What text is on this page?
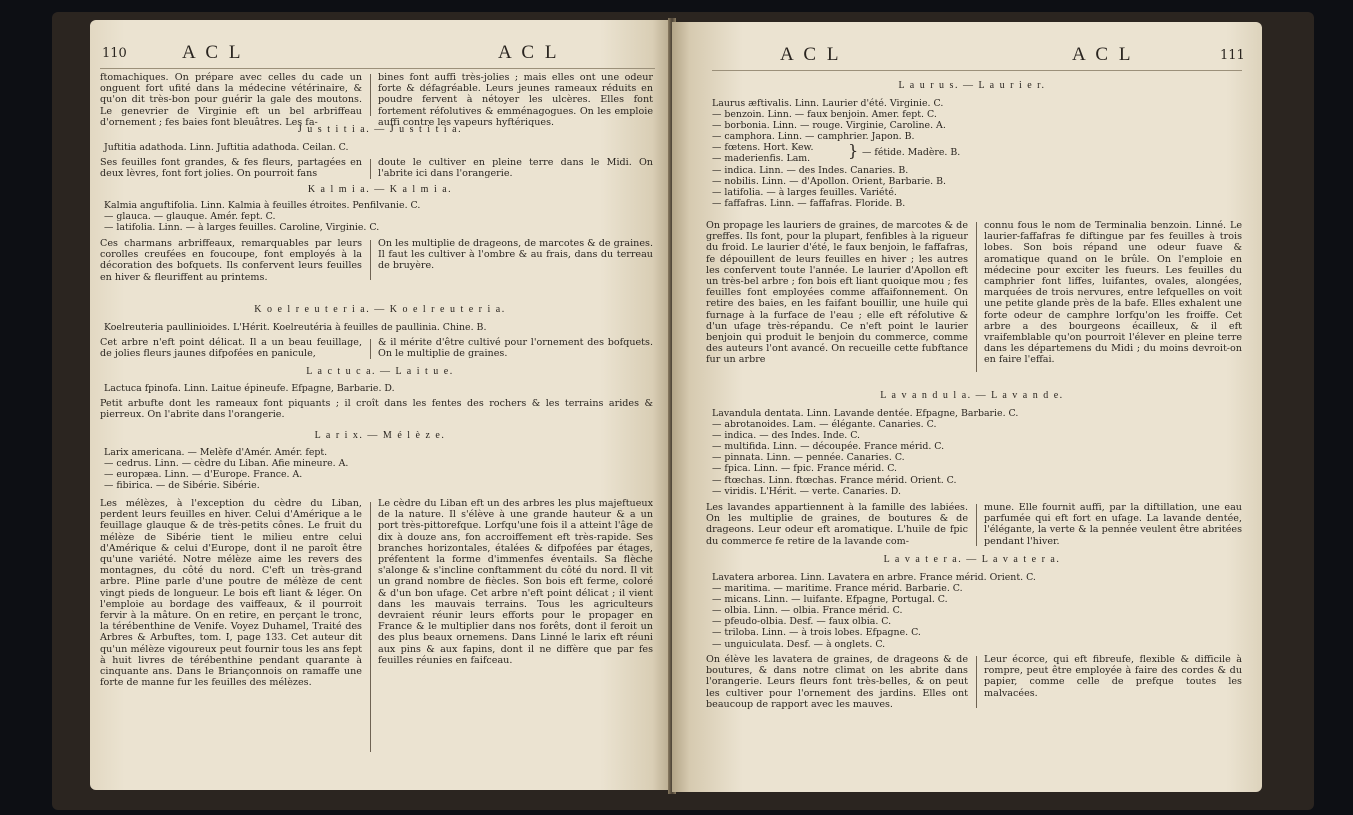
110	A C L	A C L
ftomachiques. On prépare avec celles du cade un onguent fort ufité dans la médecine vétérinaire, & qu'on dit très-bon pour guérir la gale des moutons. Le genevrier de Virginie eft un bel arbriffeau d'ornement ; fes baies font bleuâtres. Les fa-
bines font auffi très-jolies ; mais elles ont une odeur forte & défagréable. Leurs jeunes rameaux réduits en poudre fervent à nétoyer les ulcères. Elles font fortement réfolutives & emménagogues. On les emploie auffi contre les vapeurs hyftériques.
J u s t i t i a. — J u s t i t i a.
Juftitia adathoda. Linn. Juftitia adathoda. Ceilan. C.
Ses feuilles font grandes, & fes fleurs, partagées en deux lèvres, font fort jolies. On pourroit fans
doute le cultiver en pleine terre dans le Midi. On l'abrite ici dans l'orangerie.
K a l m i a. — K a l m i a.
Kalmia anguftifolia. Linn. Kalmia à feuilles étroites. Penfilvanie. C.
— glauca. — glauque. Amér. fept. C.
— latifolia. Linn. — à larges feuilles. Caroline, Virginie. C.
Ces charmans arbriffeaux, remarquables par leurs corolles creufées en foucoupe, font employés à la décoration des bofquets. Ils confervent leurs feuilles en hiver & fleuriffent au printems.
On les multiplie de drageons, de marcotes & de graines. Il faut les cultiver à l'ombre & au frais, dans du terreau de bruyère.
K o e l r e u t e r i a. — K o e l r e u t e r i a.
Koelreuteria paullinioides. L'Hérit. Koelreutéria à feuilles de paullinia. Chine. B.
Cet arbre n'eft point délicat. Il a un beau feuillage, de jolies fleurs jaunes difpofées en panicule,
& il mérite d'être cultivé pour l'ornement des bofquets. On le multiplie de graines.
L a c t u c a. — L a i t u e.
Lactuca fpinofa. Linn. Laitue épineufe. Efpagne, Barbarie. D.
Petit arbufte dont les rameaux font piquants ; il croît dans les fentes des rochers & les terrains arides & pierreux. On l'abrite dans l'orangerie.
L a r i x. — M é l è z e.
Larix americana. — Melèfe d'Amér. Amér. fept.
— cedrus. Linn. — cèdre du Liban. Afie mineure. A.
— europæa. Linn. — d'Europe. France. A.
— fibirica. — de Sibérie. Sibérie.
Les mélèzes, à l'exception du cèdre du Liban, perdent leurs feuilles en hiver. Celui d'Amérique a le feuillage glauque & de très-petits cônes. Le fruit du mélèze de Sibérie tient le milieu entre celui d'Amérique & celui d'Europe, dont il ne paroît être qu'une variété. Notre mélèze aime les revers des montagnes, du côté du nord. C'eft un très-grand arbre. Pline parle d'une poutre de mélèze de cent vingt pieds de longueur. Le bois eft liant & léger. On l'emploie au bordage des vaiffeaux, & il pourroit fervir à la mâture. On en retire, en perçant le tronc, la térébenthine de Venife. Voyez Duhamel, Traité des Arbres & Arbuftes, tom. I, page 133. Cet auteur dit qu'un mélèze vigoureux peut fournir tous les ans fept à huit livres de térébenthine pendant quarante à cinquante ans. Dans le Briançonnois on ramaffe une forte de manne fur les feuilles des mélèzes.
Le cèdre du Liban eft un des arbres les plus majeftueux de la nature. Il s'élève à une grande hauteur & a un port très-pittorefque. Lorfqu'une fois il a atteint l'âge de dix à douze ans, fon accroiffement eft très-rapide. Ses branches horizontales, étalées & difpofées par étages, préfentent la forme d'immenfes éventails. Sa flèche s'alonge & s'incline conftamment du côté du nord. Il vit un grand nombre de fiècles. Son bois eft ferme, coloré & d'un bon ufage. Cet arbre n'eft point délicat ; il vient dans les mauvais terrains. Tous les agriculteurs devraient réunir leurs efforts pour le propager en France & le multiplier dans nos forêts, dont il feroit un des plus beaux ornemens. Dans Linné le larix eft réuni aux pins & aux fapins, dont il ne diffère que par fes feuilles réunies en faifceau.
A C L	A C L	111
L a u r u s. — L a u r i e r.
Laurus æftivalis. Linn. Laurier d'été. Virginie. C.
— benzoin. Linn. — faux benjoin. Amer. fept. C.
— borbonia. Linn. — rouge. Virginie, Caroline. A.
— camphora. Linn. — camphrier. Japon. B.
— fœtens. Hort. Kew.
— maderienfis. Lam.
— indica. Linn. — des Indes. Canaries. B.
— nobilis. Linn. — d'Apollon. Orient, Barbarie. B.
— latifolia. — à larges feuilles. Variété.
— faffafras. Linn. — faffafras. Floride. B.
} — fétide. Madère. B.
On propage les lauriers de graines, de marcotes & de greffes. Ils font, pour la plupart, fenfibles à la rigueur du froid. Le laurier d'été, le faux benjoin, le faffafras, fe dépouillent de leurs feuilles en hiver ; les autres les confervent toute l'année. Le laurier d'Apollon eft un très-bel arbre ; fon bois eft liant quoique mou ; fes feuilles font employées comme affaifonnement. On retire des baies, en les faifant bouillir, une huile qui furnage à la furface de l'eau ; elle eft réfolutive & d'un ufage très-répandu. Ce n'eft point le laurier benjoin qui produit le benjoin du commerce, comme des auteurs l'ont avancé. On recueille cette fubftance fur un arbre
connu fous le nom de Terminalia benzoin. Linné. Le laurier-faffafras fe diftingue par fes feuilles à trois lobes. Son bois répand une odeur fuave & aromatique quand on le brûle. On l'emploie en médecine pour exciter les fueurs. Les feuilles du camphrier font liffes, luifantes, ovales, alongées, marquées de trois nervures, entre lefquelles on voit une petite glande près de la bafe. Elles exhalent une forte odeur de camphre lorfqu'on les froiffe. Cet arbre a des bourgeons écailleux, & il eft vraifemblable qu'on pourroit l'élever en pleine terre dans les départemens du Midi ; du moins devroit-on en faire l'effai.
L a v a n d u l a. — L a v a n d e.
Lavandula dentata. Linn. Lavande dentée. Efpagne, Barbarie. C.
— abrotanoides. Lam. — élégante. Canaries. C.
— indica. — des Indes. Inde. C.
— multifida. Linn. — découpée. France mérid. C.
— pinnata. Linn. — pennée. Canaries. C.
— fpica. Linn. — fpic. France mérid. C.
— ftœchas. Linn. ftœchas. France mérid. Orient. C.
— viridis. L'Hérit. — verte. Canaries. D.
Les lavandes appartiennent à la famille des labiées. On les multiplie de graines, de boutures & de drageons. Leur odeur eft aromatique. L'huile de fpic du commerce fe retire de la lavande com-
mune. Elle fournit auffi, par la diftillation, une eau parfumée qui eft fort en ufage. La lavande dentée, l'élégante, la verte & la pennée veulent être abritées pendant l'hiver.
L a v a t e r a. — L a v a t e r a.
Lavatera arborea. Linn. Lavatera en arbre. France mérid. Orient. C.
— maritima. — maritime. France mérid. Barbarie. C.
— micans. Linn. — luifante. Efpagne, Portugal. C.
— olbia. Linn. — olbia. France mérid. C.
— pfeudo-olbia. Desf. — faux olbia. C.
— triloba. Linn. — à trois lobes. Efpagne. C.
— unguiculata. Desf. — à onglets. C.
On élève les lavatera de graines, de drageons & de boutures, & dans notre climat on les abrite dans l'orangerie. Leurs fleurs font très-belles, & on peut les cultiver pour l'ornement des jardins. Elles ont beaucoup de rapport avec les mauves.
Leur écorce, qui eft fibreufe, flexible & difficile à rompre, peut être employée à faire des cordes & du papier, comme celle de prefque toutes les malvacées.
